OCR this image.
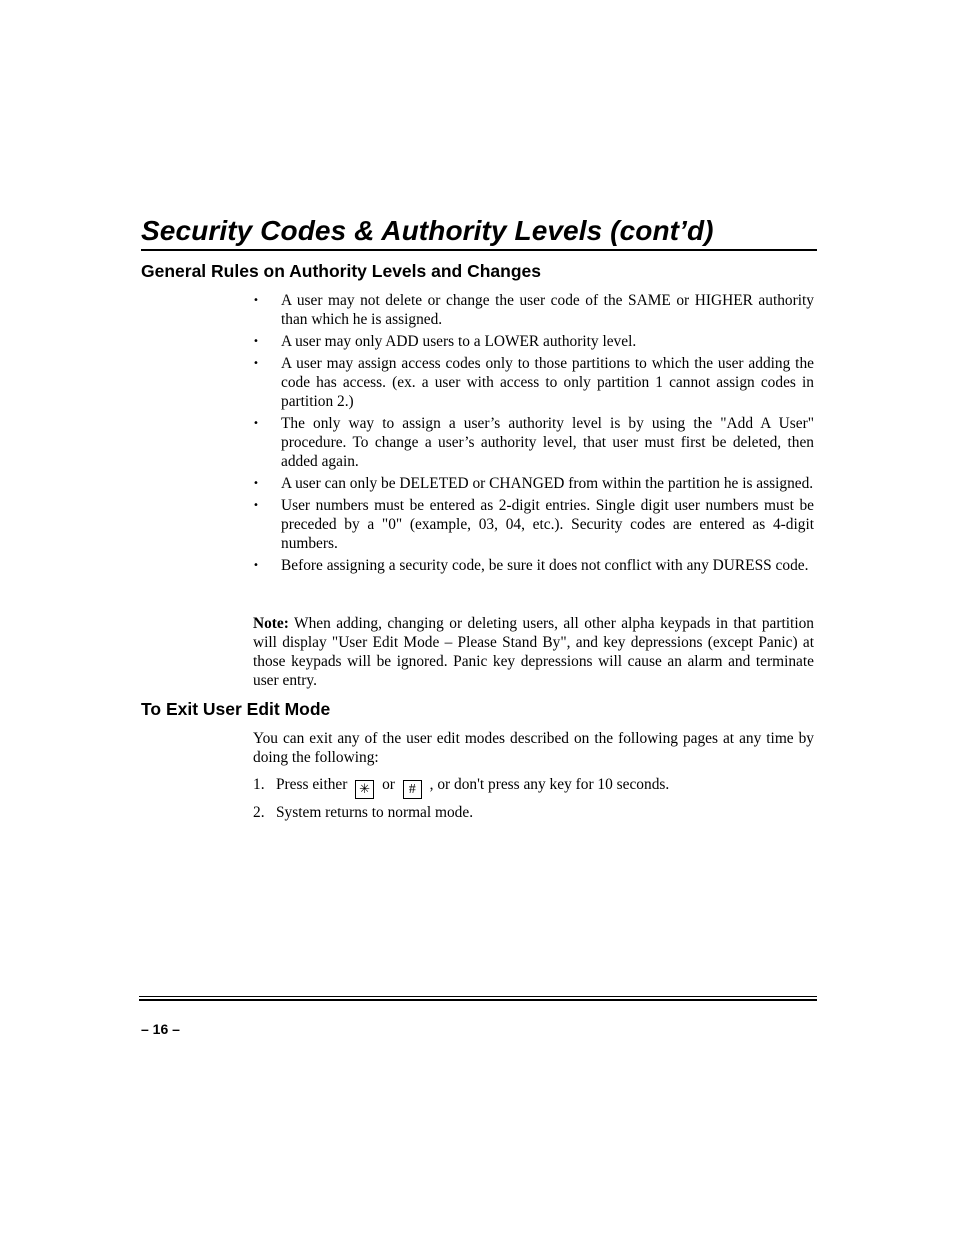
Security Codes & Authority Levels (cont’d)
General Rules on Authority Levels and Changes
• A user may not delete or change the user code of the SAME or HIGHER authority than which he is assigned.
• A user may only ADD users to a LOWER authority level.
• A user may assign access codes only to those partitions to which the user adding the code has access. (ex. a user with access to only partition 1 cannot assign codes in partition 2.)
• The only way to assign a user’s authority level is by using the "Add A User" procedure. To change a user’s authority level, that user must first be deleted, then added again.
• A user can only be DELETED or CHANGED from within the partition he is assigned.
• User numbers must be entered as 2-digit entries. Single digit user numbers must be preceded by a "0" (example, 03, 04, etc.). Security codes are entered as 4-digit numbers.
• Before assigning a security code, be sure it does not conflict with any DURESS code.

Note: When adding, changing or deleting users, all other alpha keypads in that partition will display "User Edit Mode – Please Stand By", and key depressions (except Panic) at those keypads will be ignored. Panic key depressions will cause an alarm and terminate user entry.

To Exit User Edit Mode

You can exit any of the user edit modes described on the following pages at any time by doing the following:

1. Press either ✳ or # , or don't press any key for 10 seconds.
2. System returns to normal mode.
– 16 –
